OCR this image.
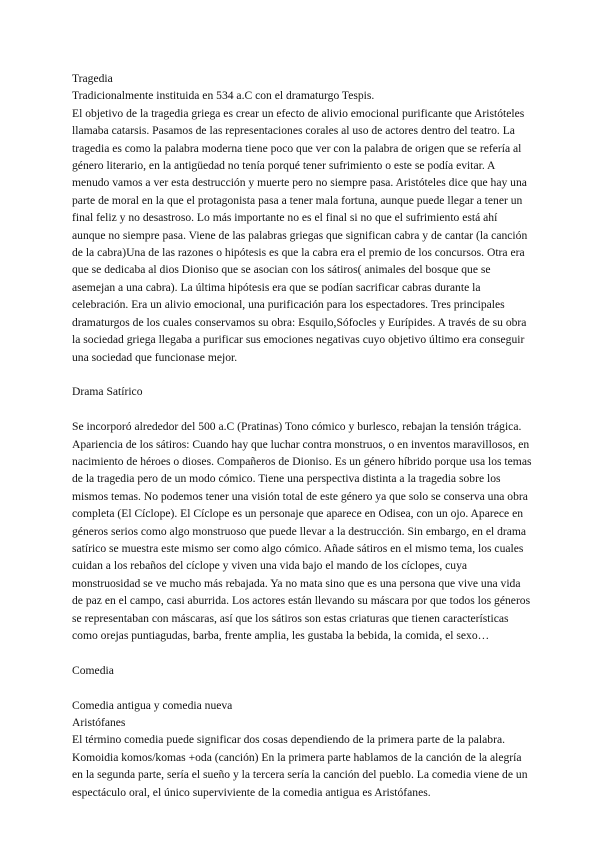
Tragedia

Tradicionalmente instituida en 534 a.C con el dramaturgo Tespis.

El objetivo de la tragedia griega es crear un efecto de alivio emocional purificante que Aristóteles llamaba catarsis. Pasamos de las representaciones corales al uso de actores dentro del teatro. La tragedia es como la palabra moderna tiene poco que ver con la palabra de origen que se refería al género literario, en la antigüedad no tenía porqué tener sufrimiento o este se podía evitar. A menudo vamos a ver esta destrucción y muerte pero no siempre pasa. Aristóteles dice que hay una parte de moral en la que el protagonista pasa a tener mala fortuna, aunque puede llegar a tener un final feliz y no desastroso. Lo más importante no es el final si no que el sufrimiento está ahí aunque no siempre pasa. Viene de las palabras griegas que significan cabra y de cantar (la canción de la cabra)Una de las razones o hipótesis es que la cabra era el premio de los concursos. Otra era que se dedicaba al dios Dioniso que se asocian con los sátiros( animales del bosque que se asemejan a una cabra). La última hipótesis era que se podían sacrificar cabras durante la celebración. Era un alivio emocional, una purificación para los espectadores. Tres principales dramaturgos de los cuales conservamos su obra: Esquilo,Sófocles y Eurípides. A través de su obra la sociedad griega llegaba a purificar sus emociones negativas cuyo objetivo último era conseguir una sociedad que funcionase mejor.

Drama Satírico

Se incorporó alrededor del 500 a.C (Pratinas) Tono cómico y burlesco, rebajan la tensión trágica. Apariencia de los sátiros: Cuando hay que luchar contra monstruos, o en inventos maravillosos, en nacimiento de héroes o dioses. Compañeros de Dioniso. Es un género híbrido porque usa los temas de la tragedia pero de un modo cómico. Tiene una perspectiva distinta a la tragedia sobre los mismos temas. No podemos tener una visión total de este género ya que solo se conserva una obra completa (El Cíclope). El Cíclope es un personaje que aparece en Odisea, con un ojo. Aparece en géneros serios como algo monstruoso que puede llevar a la destrucción. Sin embargo, en el drama satírico se muestra este mismo ser como algo cómico. Añade sátiros en el mismo tema, los cuales cuidan a los rebaños del cíclope y viven una vida bajo el mando de los cíclopes, cuya monstruosidad se ve mucho más rebajada. Ya no mata sino que es una persona que vive una vida de paz en el campo, casi aburrida. Los actores están llevando su máscara por que todos los géneros se representaban con máscaras, así que los sátiros son estas criaturas que tienen características como orejas puntiagudas, barba, frente amplia, les gustaba la bebida, la comida, el sexo…

Comedia

Comedia antigua y comedia nueva

Aristófanes

El término comedia puede significar dos cosas dependiendo de la primera parte de la palabra. Komoidia komos/komas +oda (canción) En la primera parte hablamos de la canción de la alegría en la segunda parte, sería el sueño y la tercera sería la canción del pueblo. La comedia viene de un espectáculo oral, el único superviviente de la comedia antigua es Aristófanes.
